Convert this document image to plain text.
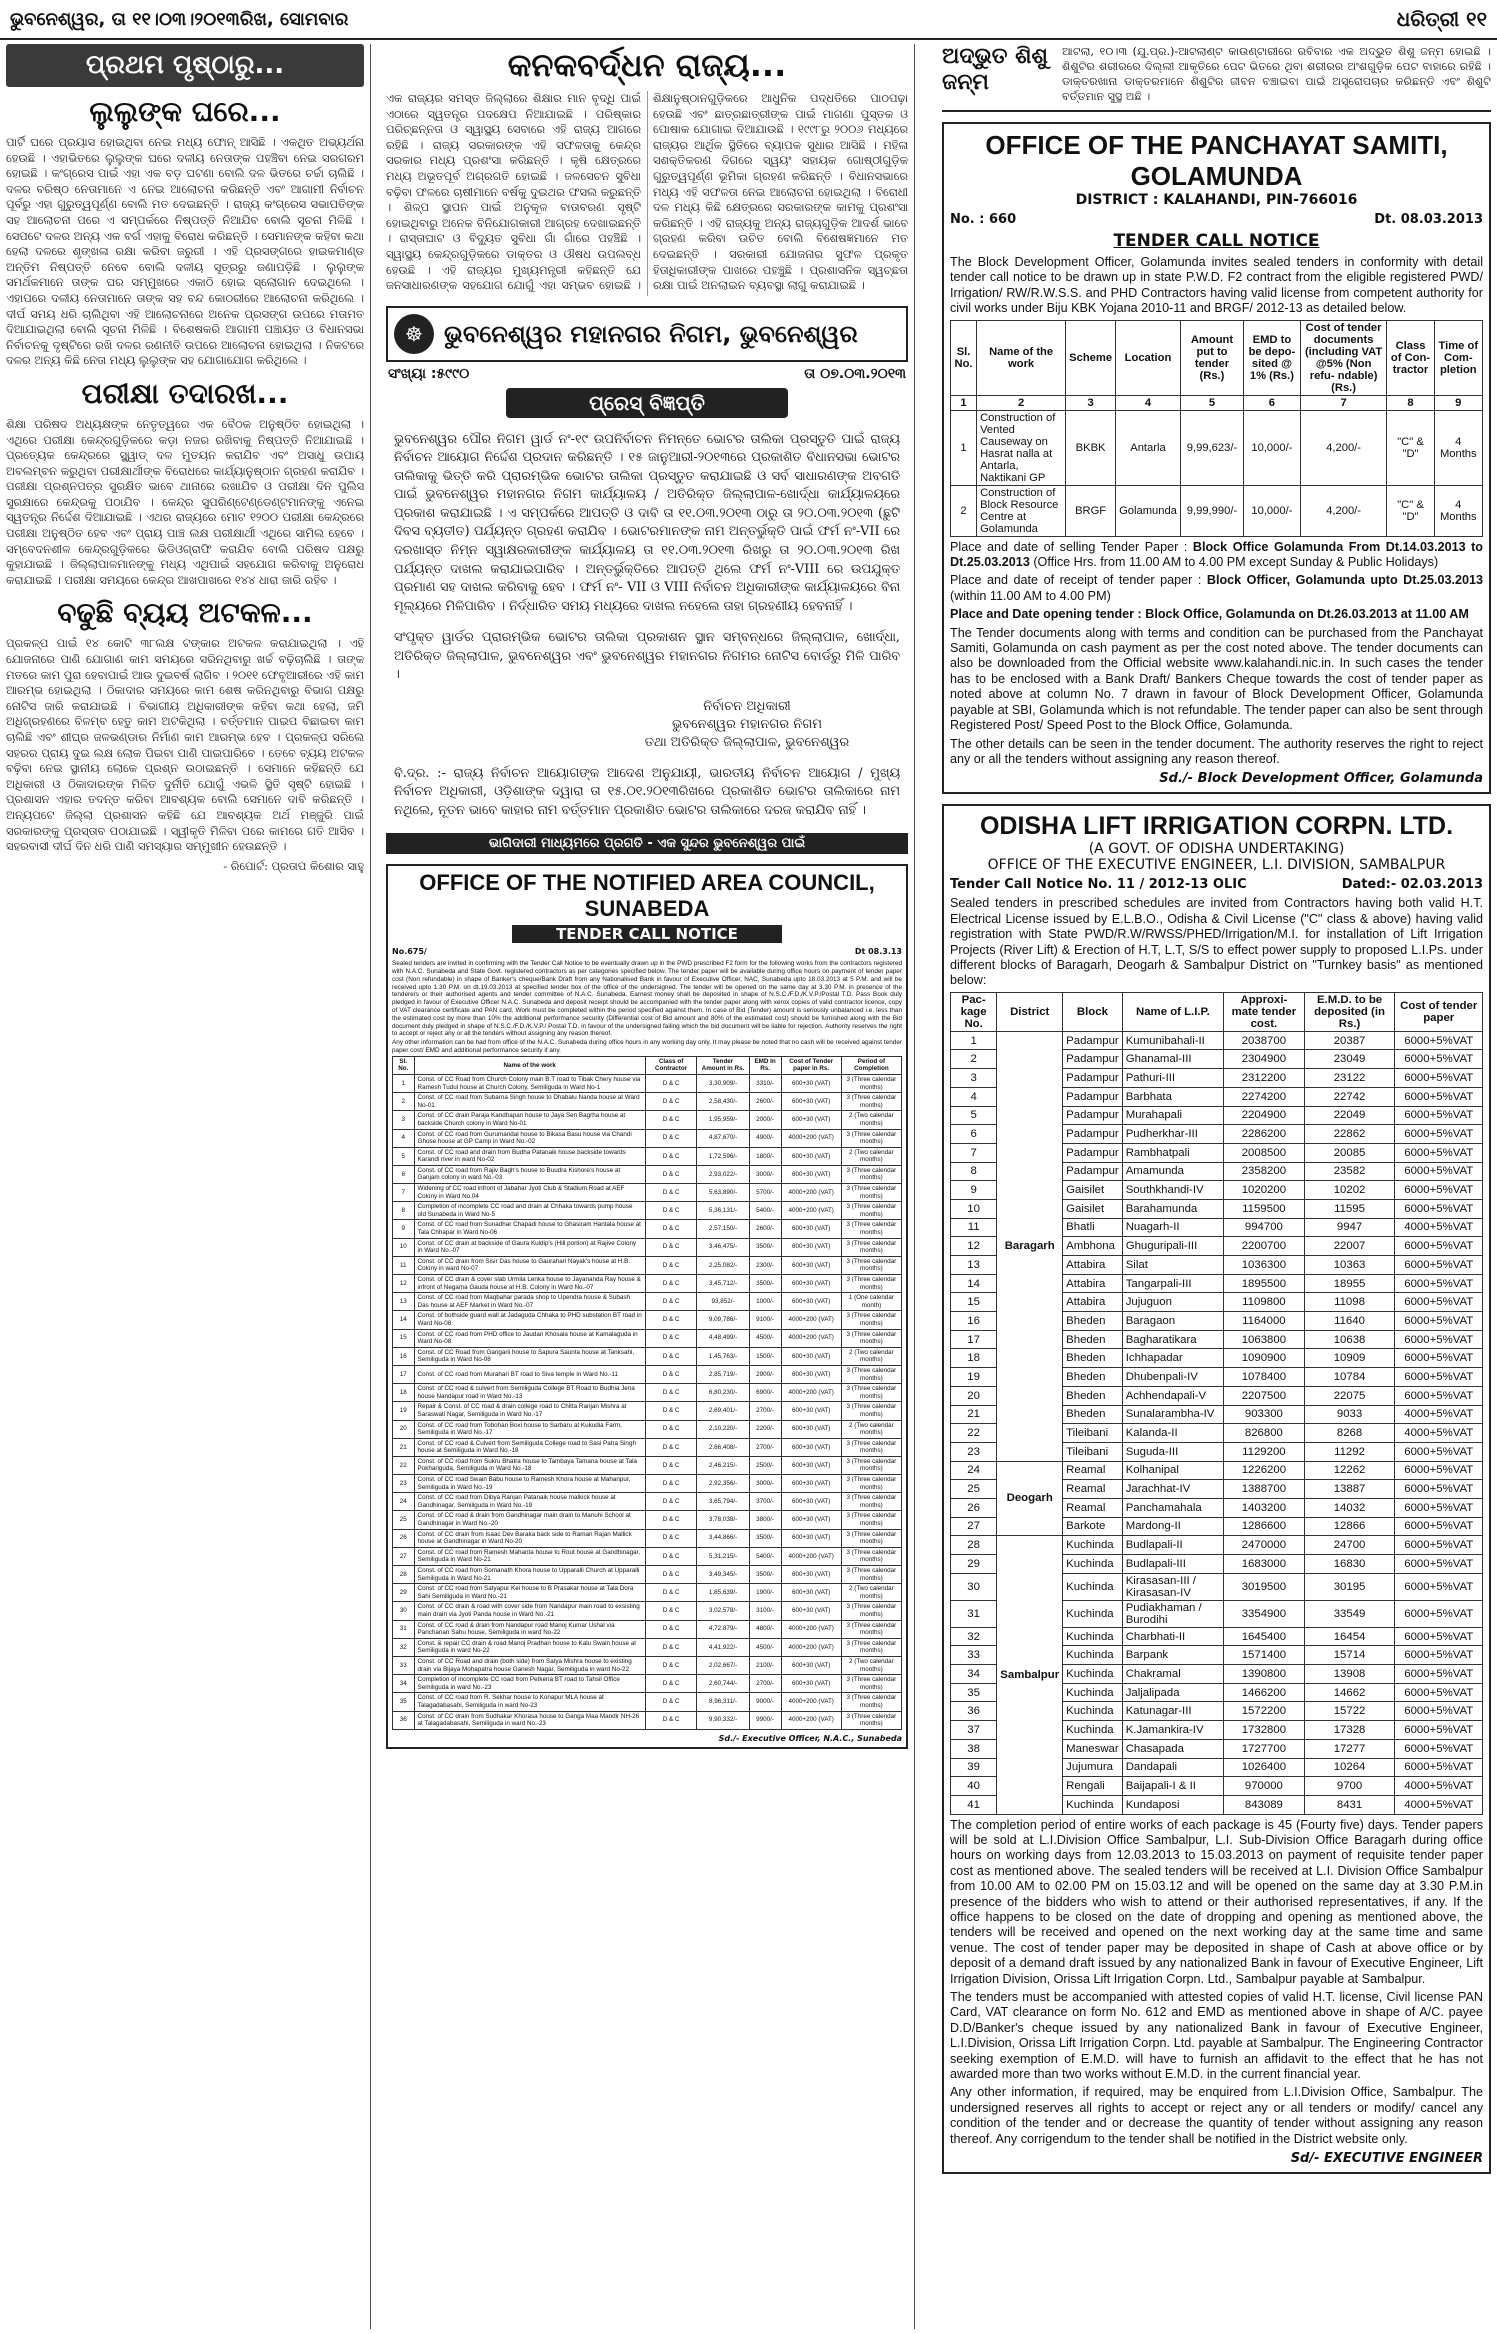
ଭୁବନେଶ୍ୱର, ତା ୧୧।୦୩।୨୦୧୩ରିଖ, ସୋମବାର	ଧରିତ୍ରୀ ୧୧
ପ୍ରଥମ ପୃଷ୍ଠାରୁ...
ଲୁଲୁଙ୍କ ଘରେ...

ପାର୍ଟି ଘରେ ପ୍ରୟାସ ହୋଇଥିବା ନେଇ ମଧ୍ୟ ଫୋନ୍ ଆସିଛି । ଏକଥିତ ଅଭ୍ୟର୍ଥନା ହେଉଛି । ଏହାଭିତରେ ଲୁଲୁଙ୍କ ଘରେ ଦଳୀୟ ନେତାଙ୍କ ପହଞ୍ଚିବା ନେଇ ସରଗରମ ହୋଇଛି । କଂଗ୍ରେସ ପାଇଁ ଏହା ଏକ ବଡ଼ ଘଟଣା ବୋଲି ଦଳ ଭିତରେ ଚର୍ଚ୍ଚା ଚାଲିଛି । ଦଳର ବରିଷ୍ଠ ନେତାମାନେ ଏ ନେଇ ଆଲୋଚନା କରିଛନ୍ତି ଏବଂ ଆଗାମୀ ନିର୍ବାଚନ ପୂର୍ବରୁ ଏହା ଗୁରୁତ୍ୱପୂର୍ଣ୍ଣ ବୋଲି ମତ ଦେଇଛନ୍ତି । ରାଜ୍ୟ କଂଗ୍ରେସ ସଭାପତିଙ୍କ ସହ ଆଲୋଚନା ପରେ ଏ ସମ୍ପର୍କରେ ନିଷ୍ପତ୍ତି ନିଆଯିବ ବୋଲି ସୂଚନା ମିଳିଛି । ସେପଟେ ଦଳର ଅନ୍ୟ ଏକ ବର୍ଗ ଏହାକୁ ବିରୋଧ କରିଛନ୍ତି । ସେମାନଙ୍କ କହିବା କଥା ହେଲା ଦଳରେ ଶୃଙ୍ଖଳା ରକ୍ଷା କରିବା ଜରୁରୀ । ଏହି ପ୍ରସଙ୍ଗରେ ହାଇକମାଣ୍ଡ ଅନ୍ତିମ ନିଷ୍ପତ୍ତି ନେବେ ବୋଲି ଦଳୀୟ ସୂତ୍ରରୁ ଜଣାପଡ଼ିଛି । ଲୁଲୁଙ୍କ ସମର୍ଥକମାନେ ତାଙ୍କ ଘର ସମ୍ମୁଖରେ ଏକାଠି ହୋଇ ସ୍ଲୋଗାନ ଦେଇଥିଲେ । ଏହାପରେ ଦଳୀୟ ନେତାମାନେ ତାଙ୍କ ସହ ବନ୍ଦ କୋଠରୀରେ ଆଲୋଚନା କରିଥିଲେ । ଦୀର୍ଘ ସମୟ ଧରି ଚାଲିଥିବା ଏହି ଆଲୋଚନାରେ ଅନେକ ପ୍ରସଙ୍ଗ ଉପରେ ମତାମତ ଦିଆଯାଇଥିଲା ବୋଲି ସୂଚନା ମିଳିଛି । ବିଶେଷକରି ଆଗାମୀ ପଞ୍ଚାୟତ ଓ ବିଧାନସଭା ନିର୍ବାଚନକୁ ଦୃଷ୍ଟିରେ ରଖି ଦଳର ରଣନୀତି ଉପରେ ଆଲୋଚନା ହୋଇଥିଲା । ନିକଟରେ ଦଳର ଅନ୍ୟ କିଛି ନେତା ମଧ୍ୟ ଲୁଲୁଙ୍କ ସହ ଯୋଗାଯୋଗ କରିଥିଲେ ।

ପରୀକ୍ଷା ତଦାରଖ...

ଶିକ୍ଷା ପରିଷଦ ଅଧ୍ୟକ୍ଷଙ୍କ ନେତୃତ୍ୱରେ ଏକ ବୈଠକ ଅନୁଷ୍ଠିତ ହୋଇଥିଲା । ଏଥିରେ ପରୀକ୍ଷା କେନ୍ଦ୍ରଗୁଡ଼ିକରେ କଡ଼ା ନଜର ରଖିବାକୁ ନିଷ୍ପତ୍ତି ନିଆଯାଇଛି । ପ୍ରତ୍ୟେକ କେନ୍ଦ୍ରରେ ସ୍କ୍ୱାଡ୍ ଦଳ ମୁତୟନ କରାଯିବ ଏବଂ ଅସାଧୁ ଉପାୟ ଅବଲମ୍ବନ କରୁଥିବା ପରୀକ୍ଷାର୍ଥୀଙ୍କ ବିରୋଧରେ କାର୍ଯ୍ୟାନୁଷ୍ଠାନ ଗ୍ରହଣ କରାଯିବ । ପରୀକ୍ଷା ପ୍ରଶ୍ନପତ୍ର ସୁରକ୍ଷିତ ଭାବେ ଥାନାରେ ରଖାଯିବ ଓ ପରୀକ୍ଷା ଦିନ ପୁଲିସ ସୁରକ୍ଷାରେ କେନ୍ଦ୍ରକୁ ପଠାଯିବ । କେନ୍ଦ୍ର ସୁପରିଣ୍ଟେଣ୍ଡେଣ୍ଟମାନଙ୍କୁ ଏନେଇ ସ୍ୱତନ୍ତ୍ର ନିର୍ଦ୍ଦେଶ ଦିଆଯାଇଛି । ଏଥର ରାଜ୍ୟରେ ମୋଟ ୧୨୦୦ ପରୀକ୍ଷା କେନ୍ଦ୍ରରେ ପରୀକ୍ଷା ଅନୁଷ୍ଠିତ ହେବ ଏବଂ ପ୍ରାୟ ପାଞ୍ଚ ଲକ୍ଷ ପରୀକ୍ଷାର୍ଥୀ ଏଥିରେ ସାମିଲ ହେବେ । ସମ୍ବେଦନଶୀଳ କେନ୍ଦ୍ରଗୁଡ଼ିକରେ ଭିଡିଓଗ୍ରାଫି କରାଯିବ ବୋଲି ପରିଷଦ ପକ୍ଷରୁ କୁହାଯାଇଛି । ଜିଲ୍ଲାପାଳମାନଙ୍କୁ ମଧ୍ୟ ଏଥିପାଇଁ ସହଯୋଗ କରିବାକୁ ଅନୁରୋଧ କରାଯାଇଛି । ପରୀକ୍ଷା ସମୟରେ କେନ୍ଦ୍ର ଆଖପାଖରେ ୧୪୪ ଧାରା ଜାରି ରହିବ ।

ବଢୁଛି ବ୍ୟୟ ଅଟକଳ...

ପ୍ରକଳ୍ପ ପାଇଁ ୧୪ କୋଟି ୩୮ଲକ୍ଷ ଟଙ୍କାର ଅଟକଳ କରାଯାଇଥିଲା । ଏହି ଯୋଜନାରେ ପାଣି ଯୋଗାଣ କାମ ସମୟରେ ସରିନଥିବାରୁ ଖର୍ଚ୍ଚ ବଢ଼ିଚାଲିଛି । ତାଙ୍କ ମତରେ କାମ ପୁରା ହେବାପାଇଁ ଆଉ ଦୁଇବର୍ଷ ଲାଗିବ । ୨୦୧୧ ଫେବୃଆରୀରେ ଏହି କାମ ଆରମ୍ଭ ହୋଇଥିଲା । ଠିକାଦାର ସମୟରେ କାମ ଶେଷ କରିନଥିବାରୁ ବିଭାଗ ପକ୍ଷରୁ ନୋଟିସ ଜାରି କରାଯାଇଛି । ବିଭାଗୀୟ ଅଧିକାରୀଙ୍କ କହିବା କଥା ହେଲା, ଜମି ଅଧିଗ୍ରହଣରେ ବିଳମ୍ବ ହେତୁ କାମ ଅଟକିଥିଲା । ବର୍ତ୍ତମାନ ପାଇପ ବିଛାଇବା କାମ ଚାଲିଛି ଏବଂ ଶୀଘ୍ର ଜଳଭଣ୍ଡାର ନିର୍ମାଣ କାମ ଆରମ୍ଭ ହେବ । ପ୍ରକଳ୍ପ ସରିଲେ ସହରର ପ୍ରାୟ ଦୁଇ ଲକ୍ଷ ଲୋକ ପିଇବା ପାଣି ପାଇପାରିବେ । ତେବେ ବ୍ୟୟ ଅଟକଳ ବଢ଼ିବା ନେଇ ସ୍ଥାନୀୟ ଲୋକେ ପ୍ରଶ୍ନ ଉଠାଇଛନ୍ତି । ସେମାନେ କହିଛନ୍ତି ଯେ ଅଧିକାରୀ ଓ ଠିକାଦାରଙ୍କ ମିଳିତ ଦୁର୍ନୀତି ଯୋଗୁଁ ଏଭଳି ସ୍ଥିତି ସୃଷ୍ଟି ହୋଇଛି । ପ୍ରଶାସନ ଏହାର ତଦନ୍ତ କରିବା ଆବଶ୍ୟକ ବୋଲି ସେମାନେ ଦାବି କରିଛନ୍ତି । ଅନ୍ୟପଟେ ଜିଲ୍ଲା ପ୍ରଶାସନ କହିଛି ଯେ ଆବଶ୍ୟକ ଅର୍ଥ ମଞ୍ଜୁରି ପାଇଁ ସରକାରଙ୍କୁ ପ୍ରସ୍ତାବ ପଠାଯାଇଛି । ସ୍ୱୀକୃତି ମିଳିବା ପରେ କାମରେ ଗତି ଆସିବ । ସହରବାସୀ ଦୀର୍ଘ ଦିନ ଧରି ପାଣି ସମସ୍ୟାର ସମ୍ମୁଖୀନ ହେଉଛନ୍ତି ।

- ରିପୋର୍ଟ: ପ୍ରତାପ କିଶୋର ସାହୁ

କନକବର୍ଦ୍ଧନ ରାଜ୍ୟ...

ଏକ ରାଜ୍ୟର ସମସ୍ତ ଜିଲ୍ଲାରେ ଶିକ୍ଷାର ମାନ ବୃଦ୍ଧି ପାଇଁ ଏଠାରେ ସ୍ୱତନ୍ତ୍ର ପଦକ୍ଷେପ ନିଆଯାଇଛି । ପରିଷ୍କାର ପରିଚ୍ଛନ୍ନତା ଓ ସ୍ୱାସ୍ଥ୍ୟ ସେବାରେ ଏହି ରାଜ୍ୟ ଆଗରେ ରହିଛି । ରାଜ୍ୟ ସରକାରଙ୍କ ଏହି ସଫଳତାକୁ କେନ୍ଦ୍ର ସରକାର ମଧ୍ୟ ପ୍ରଶଂସା କରିଛନ୍ତି । କୃଷି କ୍ଷେତ୍ରରେ ମଧ୍ୟ ଅଭୂତପୂର୍ବ ଅଗ୍ରଗତି ହୋଇଛି । ଜଳସେଚନ ସୁବିଧା ବଢ଼ିବା ଫଳରେ ଚାଷୀମାନେ ବର୍ଷକୁ ଦୁଇଥର ଫସଲ କରୁଛନ୍ତି । ଶିଳ୍ପ ସ୍ଥାପନ ପାଇଁ ଅନୁକୂଳ ବାତାବରଣ ସୃଷ୍ଟି ହୋଇଥିବାରୁ ଅନେକ ବିନିଯୋଗକାରୀ ଆଗ୍ରହ ଦେଖାଇଛନ୍ତି । ରାସ୍ତାଘାଟ ଓ ବିଦ୍ୟୁତ ସୁବିଧା ଗାଁ ଗାଁରେ ପହଞ୍ଚିଛି । ସ୍ୱାସ୍ଥ୍ୟ କେନ୍ଦ୍ରଗୁଡ଼ିକରେ ଡାକ୍ତର ଓ ଔଷଧ ଉପଲବ୍ଧ ହେଉଛି । ଏହି ରାଜ୍ୟର ମୁଖ୍ୟମନ୍ତ୍ରୀ କହିଛନ୍ତି ଯେ ଜନସାଧାରଣଙ୍କ ସହଯୋଗ ଯୋଗୁଁ ଏହା ସମ୍ଭବ ହୋଇଛି । ଶିକ୍ଷାନୁଷ୍ଠାନଗୁଡ଼ିକରେ ଆଧୁନିକ ପଦ୍ଧତିରେ ପାଠପଢ଼ା ହେଉଛି ଏବଂ ଛାତ୍ରଛାତ୍ରୀଙ୍କ ପାଇଁ ମାଗଣା ପୁସ୍ତକ ଓ ପୋଷାକ ଯୋଗାଇ ଦିଆଯାଉଛି । ୧୯୯୮ରୁ ୨୦୦୬ ମଧ୍ୟରେ ରାଜ୍ୟର ଆର୍ଥିକ ସ୍ଥିତିରେ ବ୍ୟାପକ ସୁଧାର ଆସିଛି । ମହିଳା ସଶକ୍ତିକରଣ ଦିଗରେ ସ୍ୱୟଂ ସହାୟକ ଗୋଷ୍ଠୀଗୁଡ଼ିକ ଗୁରୁତ୍ୱପୂର୍ଣ୍ଣ ଭୂମିକା ଗ୍ରହଣ କରିଛନ୍ତି । ବିଧାନସଭାରେ ମଧ୍ୟ ଏହି ସଫଳତା ନେଇ ଆଲୋଚନା ହୋଇଥିଲା । ବିରୋଧୀ ଦଳ ମଧ୍ୟ କିଛି କ୍ଷେତ୍ରରେ ସରକାରଙ୍କ କାମକୁ ପ୍ରଶଂସା କରିଛନ୍ତି । ଏହି ରାଜ୍ୟକୁ ଅନ୍ୟ ରାଜ୍ୟଗୁଡ଼ିକ ଆଦର୍ଶ ଭାବେ ଗ୍ରହଣ କରିବା ଉଚିତ ବୋଲି ବିଶେଷଜ୍ଞମାନେ ମତ ଦେଇଛନ୍ତି । ସରକାରୀ ଯୋଜନାର ସୁଫଳ ପ୍ରକୃତ ହିତାଧିକାରୀଙ୍କ ପାଖରେ ପହଞ୍ଚୁଛି । ପ୍ରଶାସନିକ ସ୍ୱଚ୍ଛତା ରକ୍ଷା ପାଇଁ ଅନଲାଇନ ବ୍ୟବସ୍ଥା ଲାଗୁ କରାଯାଇଛି ।

☸ ଭୁବନେଶ୍ୱର ମହାନଗର ନିଗମ, ଭୁବନେଶ୍ୱର
ସଂଖ୍ୟା :୫୯୯୦	ତା ୦୭.୦୩.୨୦୧୩
ପ୍ରେସ୍ ବିଜ୍ଞପ୍ତି

ଭୁବନେଶ୍ୱର ପୌର ନିଗମ ୱାର୍ଡ ନଂ-୧୯ ଉପନିର୍ବାଚନ ନିମନ୍ତେ ଭୋଟର ତାଲିକା ପ୍ରସ୍ତୁତି ପାଇଁ ରାଜ୍ୟ ନିର୍ବାଚନ ଆୟୋଗ ନିର୍ଦ୍ଦେଶ ପ୍ରଦାନ କରିଛନ୍ତି । ୧୫ ଜାନୁଆରୀ-୨୦୧୩ରେ ପ୍ରକାଶିତ ବିଧାନସଭା ଭୋଟର ତାଲିକାକୁ ଭିତ୍ତି କରି ପ୍ରାରମ୍ଭିକ ଭୋଟର ତାଲିକା ପ୍ରସ୍ତୁତ କରାଯାଇଛି ଓ ସର୍ବ ସାଧାରଣଙ୍କ ଅବଗତି ପାଇଁ ଭୁବନେଶ୍ୱର ମହାନଗର ନିଗମ କାର୍ଯ୍ୟାଳୟ / ଅତିରିକ୍ତ ଜିଲ୍ଲାପାଳ-ଖୋର୍ଦ୍ଧା କାର୍ଯ୍ୟାଳୟରେ ପ୍ରକାଶ କରାଯାଇଛି । ଏ ସମ୍ପର୍କରେ ଆପତ୍ତି ଓ ଦାବି ତା ୧୧.୦୩.୨୦୧୩ ଠାରୁ ତା ୨୦.୦୩.୨୦୧୩ (ଛୁଟି ଦିବସ ବ୍ୟତୀତ) ପର୍ଯ୍ୟନ୍ତ ଗ୍ରହଣ କରାଯିବ । ଭୋଟରମାନଙ୍କ ନାମ ଅନ୍ତର୍ଭୁକ୍ତି ପାଇଁ ଫର୍ମ ନଂ-VII ରେ ଦରଖାସ୍ତ ନିମ୍ନ ସ୍ୱାକ୍ଷରକାରୀଙ୍କ କାର୍ଯ୍ୟାଳୟ ତା ୧୧.୦୩.୨୦୧୩ ରିଖରୁ ତା ୨୦.୦୩.୨୦୧୩ ରିଖ ପର୍ଯ୍ୟନ୍ତ ଦାଖଲ କରାଯାଇପାରିବ । ଅନ୍ତର୍ଭୁକ୍ତିରେ ଆପତ୍ତି ଥିଲେ ଫର୍ମ ନଂ-VIII ରେ ଉପଯୁକ୍ତ ପ୍ରମାଣ ସହ ଦାଖଲ କରିବାକୁ ହେବ । ଫର୍ମ ନଂ- VII ଓ VIII ନିର୍ବାଚନ ଅଧିକାରୀଙ୍କ କାର୍ଯ୍ୟାଳୟରେ ବିନା ମୂଲ୍ୟରେ ମିଳିପାରିବ । ନିର୍ଦ୍ଧାରିତ ସମୟ ମଧ୍ୟରେ ଦାଖଲ ନହେଲେ ତାହା ଗ୍ରହଣୀୟ ହେବନାହିଁ ।

ସଂପୃକ୍ତ ୱାର୍ଡର ପ୍ରାରମ୍ଭିକ ଭୋଟର ତାଲିକା ପ୍ରକାଶନ ସ୍ଥାନ ସମ୍ବନ୍ଧରେ ଜିଲ୍ଲାପାଳ, ଖୋର୍ଦ୍ଧା, ଅତିରିକ୍ତ ଜିଲ୍ଲାପାଳ, ଭୁବନେଶ୍ୱର ଏବଂ ଭୁବନେଶ୍ୱର ମହାନଗର ନିଗମର ନୋଟିସ ବୋର୍ଡରୁ ମିଳି ପାରିବ ।

ନିର୍ବାଚନ ଅଧିକାରୀ
ଭୁବନେଶ୍ୱର ମହାନଗର ନିଗମ
ତଥା ଅତିରିକ୍ତ ଜିଲ୍ଲାପାଳ, ଭୁବନେଶ୍ୱର

ବି.ଦ୍ର. :- ରାଜ୍ୟ ନିର୍ବାଚନ ଆୟୋଗଙ୍କ ଆଦେଶ ଅନୁଯାୟୀ, ଭାରତୀୟ ନିର୍ବାଚନ ଆୟୋଗ / ମୁଖ୍ୟ ନିର୍ବାଚନ ଅଧିକାରୀ, ଓଡ଼ିଶାଙ୍କ ଦ୍ୱାରା ତା ୧୫.୦୧.୨୦୧୩ରିଖରେ ପ୍ରକାଶିତ ଭୋଟର ତାଲିକାରେ ନାମ ନଥିଲେ, ନୂତନ ଭାବେ କାହାର ନାମ ବର୍ତ୍ତମାନ ପ୍ରକାଶିତ ଭୋଟର ତାଲିକାରେ ଦରଜ କରାଯିବ ନାହିଁ ।

ଭାଗିଦାରୀ ମାଧ୍ୟମରେ ପ୍ରଗତି - ଏକ ସୁନ୍ଦର ଭୁବନେଶ୍ୱର ପାଇଁ
OFFICE OF THE NOTIFIED AREA COUNCIL, SUNABEDA
TENDER CALL NOTICE
No.675/	Dt 08.3.13

Sealed tenders are invited in confirming with the Tender Call Notice to be eventually drawn up in the PWD prescribed F2 form for the following works from the contractors registered with N.A.C. Sunabeda and State Govt. registered contractors as per categories specified below. The tender paper will be available during office hours on payment of tender paper cost (Non refundable) in shape of Banker's cheque/Bank Draft from any Nationalised Bank in favour of Executive Officer, NAC, Sunabeda upto 18.03.2013 at 5 P.M. and will be received upto 1.30 P.M. on dt.19.03.2013 at specified tender box of the office of the undersigned. The tender will be opened on the same day at 3.30 P.M. in presence of the tenderers or their authorised agents and tender committee of N.A.C. Sunabeda. Earnest money shall be deposited in shape of N.S.C./F.D./K.V.P./Postal T.D. Pass Book duly pledged in favour of Executive Officer N.A.C. Sunabeda and deposit receipt should be accompanied with the tender paper along with xerox copies of valid contractor licence, copy of VAT clearance certificate and PAN card. Work must be completed within the period specified against them. In case of Bid (Tender) amount is seriously unbalanced i.e. less than the estimated cost by more than 10% the additional performance security (Differential cost of Bid amount and 80% of the estimated cost) should be furnished along with the Bid document duly pledged in shape of N.S.C./F.D./K.V.P./ Postal T.D. in favour of the undersigned failing which the bid document will be liable for rejection. Authority reserves the right to accept or reject any or all the tenders without assigning any reason thereof.

Any other information can be had from office of the N.A.C. Sunabeda during office hours in any working day only. It may please be noted that no cash will be received against tender paper cost/ EMD and additional performance security if any.

Sl. No.	Name of the work	Class of Contractor	Tender Amount in Rs.	EMD In Rs.	Cost of Tender paper in Rs.	Period of Completion
1	Const. of CC Road from Church Colony main B.T road to Tibak Chery house via Ramesh Tudul house at Church Colony, Semiliguda in Ward No-1	D & C	3,30,909/-	3310/-	600+30 (VAT)	3 (Three calendar months)
2	Const. of CC road from Subarna Singh house to Dhabalu Nanda house at Ward No-01	D & C	2,58,430/-	2600/-	600+30 (VAT)	3 (Three calendar months)
3	Const. of CC drain Paraja Kandhapan house to Jaya Sen Bagrha house at backside Church colony in Ward No-01	D & C	1,95,959/-	2000/-	600+30 (VAT)	2 (Two calendar months)
4	Const. of CC road from Gurumandal house to Bikasa Basu house via Chandi Ghose house at GP Camp in Ward No.-02	D & C	4,87,670/-	4900/-	4000+200 (VAT)	3 (Three calendar months)
5	Const. of CC road and drain from Budha Patanaik house backside towards Karandi river in ward No-02	D & C	1,72,596/-	1800/-	600+30 (VAT)	2 (Two calendar months)
6	Const. of CC road from Rajiv Bagh's house to Buudra Kishore's house at Ganjam colony in ward No.-03	D & C	2,93,022/-	3000/-	600+30 (VAT)	3 (Three calendar months)
7	Widening of CC road infront of Jabahar Jyoti Club & Stadium Road at AEF Colony in Ward No.04	D & C	5,63,890/-	5700/-	4000+200 (VAT)	3 (Three calendar months)
8	Completion of incomplete CC road and drain at Chhaka towards pump house old Sunabeda in Ward No-5	D & C	5,36,131/-	5400/-	4000+200 (VAT)	3 (Three calendar months)
9	Const. of CC road from Sunadhar Chapadi house to Ghasiram Hantala house at Tala Chhapar in Ward No-06	D & C	2,57,150/-	2600/-	600+30 (VAT)	3 (Three calendar months)
10	Const. of CC drain at backside of Gaura Kuldip's (Hill portion) at Rajive Colony in Ward No.-07	D & C	3,46,475/-	3500/-	600+30 (VAT)	3 (Three calendar months)
11	Const. of CC drain from Sisir Das house to Gaurahari Nayak's house at H.B. Colony in ward No-07	D & C	2,25,082/-	2300/-	600+30 (VAT)	3 (Three calendar months)
12	Const. of CC drain & cover slab Urmila Lenka house to Jayananda Ray house & infront of Negama Gauda house at H.B. Colony in Ward No.-07	D & C	3,45,712/-	3500/-	600+30 (VAT)	3 (Three calendar months)
13	Const. of CC road from Maqbahar parada shop to Upendra house & Subash Das house at AEF Market in Ward No.-07	D & C	93,852/-	1000/-	600+30 (VAT)	1 (One calendar month)
14	Const. of bothside guard wall at Jadaguda Chhaka to PHD substation BT road in Ward No-08	D & C	9,09,786/-	9100/-	4000+200 (VAT)	3 (Three calendar months)
15	Const. of CC road from PHD office to Jaudan Khosala house at Kamalaguda in Ward No-08	D & C	4,48,499/-	4500/-	4000+200 (VAT)	3 (Three calendar months)
16	Const. of CC Road from Gangarii house to Sapura Saunta house at Tanksahi, Semiliguda in Ward No-08	D & C	1,45,763/-	1500/-	600+30 (VAT)	2 (Two calendar months)
17	Const. of CC road from Murahari BT road to Siva temple in Ward No.-11	D & C	2,85,719/-	2900/-	600+30 (VAT)	3 (Three calendar months)
18	Const. of CC road & culvert from Semiliguda College BT Road to Budhia Jena house Nandapur road in Ward No.-13	D & C	6,80,230/-	6900/-	4000+200 (VAT)	3 (Three calendar months)
19	Repair & Const. of CC road & drain college road to Chitta Ranjan Mishra at Saraswati Nagar, Semiliguda in Ward No.-17	D & C	2,69,401/-	2700/-	600+30 (VAT)	3 (Three calendar months)
20	Const. of CC road from Tobohan Boxi house to Sarbaru at Kukudia Farm, Semiliguda in Ward No.-17	D & C	2,10,220/-	2200/-	600+30 (VAT)	2 (Two calendar months)
21	Const. of CC road & Culvert from Semiliguda College road to Sasi Patra Singh house at Semiliguda in Ward No.-18	D & C	2,66,408/-	2700/-	600+30 (VAT)	3 (Three calendar months)
22	Const. of CC road from Sukru Bhatra house to Tambaya Tamana house at Tala Pokhariguda, Semiliguda in Ward No.-18	D & C	2,46,215/-	2500/-	600+30 (VAT)	3 (Three calendar months)
23	Const. of CC road Swain Babu house to Ramesh Khora house at Mahanpur, Semiliguda in Ward No.-19	D & C	2,92,356/-	3000/-	600+30 (VAT)	3 (Three calendar months)
24	Const. of CC road from Dibya Ranjan Patanaik house malkick house at Gandhinagar, Semiliguda in Ward No.-19	D & C	3,65,794/-	3700/-	600+30 (VAT)	3 (Three calendar months)
25	Const. of CC road & drain from Gandhinagar main drain to Manuhi School at Gandhinagar in Ward No.-20	D & C	3,78,038/-	3800/-	600+30 (VAT)	3 (Three calendar months)
26	Const. of CC drain from Isaac Dev Baraka back side to Raman Rajan Mallick house at Gandhinagar in Ward No-20	D & C	3,44,866/-	3500/-	600+30 (VAT)	3 (Three calendar months)
27	Const. of CC road from Ramesh Mahanta house to Rout house at Gandhinagar, Semiliguda in Ward No-21	D & C	5,31,215/-	5400/-	4000+200 (VAT)	3 (Three calendar months)
28	Const. of CC road from Somanath Khora house to Upparalli Church at Upparalli Semiliguda in Ward No-21	D & C	3,49,345/-	3500/-	600+30 (VAT)	3 (Three calendar months)
29	Const. of CC road from Satyapur Kei house to B Prasakar house at Tala Dora Sahi Semiliguda in Ward No.-21	D & C	1,85,639/-	1900/-	600+30 (VAT)	2 (Two calendar months)
30	Const. of CC drain & road with cover side from Nandapur main road to exsisting main drain via Jyoti Panda house in Ward No.-21	D & C	3,02,578/-	3100/-	600+30 (VAT)	3 (Three calendar months)
31	Const. of CC road & drain from Nandapur road Manoj Kumar Ushal via Panchanan Sahu house, Semiliguda in ward No-22	D & C	4,72,879/-	4800/-	4000+200 (VAT)	3 (Three calendar months)
32	Const. & repair CC drain & road Manoj Pradhan house to Kalu Swain house at Semiliguda in ward No-22	D & C	4,41,922/-	4500/-	4000+200 (VAT)	3 (Three calendar months)
33	Const. of CC Road and drain (both side) from Satya Mishra house to existing drain via Bijaya Mohapatra house Ganesh Nagar, Semiliguda in ward No-22	D & C	2,02,667/-	2100/-	600+30 (VAT)	2 (Two calendar months)
34	Completion of incomplete CC road from Petkena BT road to Tahsil Office Semiliguda in ward No.-23	D & C	2,60,744/-	2700/-	600+30 (VAT)	3 (Three calendar months)
35	Const. of CC road from R. Sekhar house to Konapur MLA house at Talagadabasahi, Semiliguda in ward No-23	D & C	8,96,311/-	9000/-	4000+200 (VAT)	3 (Three calendar months)
36	Const. of CC drain from Sudhakar Khorasa house to Ganga Maa Mandir NH-26 at Talagadabasahi, Semiliguda in ward No.-23	D & C	9,90,332/-	9900/-	4000+200 (VAT)	3 (Three calendar months)
Sd./- Executive Officer, N.A.C., Sunabeda
ଅଦ୍ଭୁତ ଶିଶୁ ଜନ୍ମ
ଆଟଲା, ୧୦।୩ (ଯୁ.ପ୍ର.)-ଆଟଲାଣ୍ଟ କାଉଣ୍ଟାରୀରେ ରବିବାର ଏକ ଅଦ୍ଭୁତ ଶିଶୁ ଜନ୍ମ ହୋଇଛି । ଶିଶୁଟିର ଶରୀରରେ ଦିଲ୍ଲୀ ଆକୃତିରେ ପେଟ ଭିତରେ ଥିବା ଶରୀରର ଅଂଶଗୁଡ଼ିକ ପେଟ ବାହାରେ ରହିଛି । ଡାକ୍ତରଖାନା ଡାକ୍ତରମାନେ ଶିଶୁଟିର ଜୀବନ ବଞ୍ଚାଇବା ପାଇଁ ଅସ୍ତ୍ରୋପଚାର କରିଛନ୍ତି ଏବଂ ଶିଶୁଟି ବର୍ତ୍ତମାନ ସୁସ୍ଥ ଅଛି ।
OFFICE OF THE PANCHAYAT SAMITI, GOLAMUNDA
DISTRICT : KALAHANDI, PIN-766016
No. : 660	Dt. 08.03.2013
TENDER CALL NOTICE

The Block Development Officer, Golamunda invites sealed tenders in conformity with detail tender call notice to be drawn up in state P.W.D. F2 contract from the eligible registered PWD/ Irrigation/ RW/R.W.S.S. and PHD Contractors having valid license from competent authority for civil works under Biju KBK Yojana 2010-11 and BRGF/ 2012-13 as detailed below.

Sl. No.	Name of the work	Scheme	Location	Amount put to tender (Rs.)	EMD to be depo- sited @ 1% (Rs.)	Cost of tender documents (including VAT @5% (Non refu- ndable) (Rs.)	Class of Con- tractor	Time of Com- pletion
1	2	3	4	5	6	7	8	9
1	Construction of Vented Causeway on Hasrat nalla at Antarla, Naktikani GP	BKBK	Antarla	9,99,623/-	10,000/-	4,200/-	"C" & "D"	4 Months
2	Construction of Block Resource Centre at Golamunda	BRGF	Golamunda	9,99,990/-	10,000/-	4,200/-	"C" & "D"	4 Months

Place and date of selling Tender Paper : Block Office Golamunda From Dt.14.03.2013 to Dt.25.03.2013 (Office Hrs. from 11.00 AM to 4.00 PM except Sunday & Public Holidays)

Place and date of receipt of tender paper : Block Officer, Golamunda upto Dt.25.03.2013 (within 11.00 AM to 4.00 PM)

Place and Date opening tender : Block Office, Golamunda on Dt.26.03.2013 at 11.00 AM

The Tender documents along with terms and condition can be purchased from the Panchayat Samiti, Golamunda on cash payment as per the cost noted above. The tender documents can also be downloaded from the Official website www.kalahandi.nic.in. In such cases the tender has to be enclosed with a Bank Draft/ Bankers Cheque towards the cost of tender paper as noted above at column No. 7 drawn in favour of Block Development Officer, Golamunda payable at SBI, Golamunda which is not refundable. The tender paper can also be sent through Registered Post/ Speed Post to the Block Office, Golamunda.

The other details can be seen in the tender document. The authority reserves the right to reject any or all the tenders without assigning any reason thereof.

Sd./- Block Development Officer, Golamunda
ODISHA LIFT IRRIGATION CORPN. LTD.
(A GOVT. OF ODISHA UNDERTAKING)
OFFICE OF THE EXECUTIVE ENGINEER, L.I. DIVISION, SAMBALPUR
Tender Call Notice No. 11 / 2012-13 OLIC	Dated:- 02.03.2013

Sealed tenders in prescribed schedules are invited from Contractors having both valid H.T. Electrical License issued by E.L.B.O., Odisha & Civil License ("C" class & above) having valid registration with State PWD/R.W/RWSS/PHED/Irrigation/M.I. for installation of Lift Irrigation Projects (River Lift) & Erection of H.T, L.T, S/S to effect power supply to proposed L.I.Ps. under different blocks of Baragarh, Deogarh & Sambalpur District on "Turnkey basis" as mentioned below:

Pac- kage No.	District	Block	Name of L.I.P.	Approxi- mate tender cost.	E.M.D. to be deposited (in Rs.)	Cost of tender paper
1	Baragarh	Padampur	Kumunibahali-II	2038700	20387	6000+5%VAT
2		Padampur	Ghanamal-III	2304900	23049	6000+5%VAT
3		Padampur	Pathuri-III	2312200	23122	6000+5%VAT
4		Padampur	Barbhata	2274200	22742	6000+5%VAT
5		Padampur	Murahapali	2204900	22049	6000+5%VAT
6		Padampur	Pudherkhar-III	2286200	22862	6000+5%VAT
7		Padampur	Rambhatpali	2008500	20085	6000+5%VAT
8		Padampur	Amamunda	2358200	23582	6000+5%VAT
9		Gaisilet	Southkhandi-IV	1020200	10202	6000+5%VAT
10		Gaisilet	Barahamunda	1159500	11595	6000+5%VAT
11		Bhatli	Nuagarh-II	994700	9947	4000+5%VAT
12		Ambhona	Ghuguripali-III	2200700	22007	6000+5%VAT
13		Attabira	Silat	1036300	10363	6000+5%VAT
14		Attabira	Tangarpali-III	1895500	18955	6000+5%VAT
15		Attabira	Jujuguon	1109800	11098	6000+5%VAT
16		Bheden	Baragaon	1164000	11640	6000+5%VAT
17		Bheden	Bagharatikara	1063800	10638	6000+5%VAT
18		Bheden	Ichhapadar	1090900	10909	6000+5%VAT
19		Bheden	Dhubenpali-IV	1078400	10784	6000+5%VAT
20		Bheden	Achhendapali-V	2207500	22075	6000+5%VAT
21		Bheden	Sunalarambha-IV	903300	9033	4000+5%VAT
22		Tileibani	Kalanda-II	826800	8268	4000+5%VAT
23		Tileibani	Suguda-III	1129200	11292	6000+5%VAT
24	Deogarh	Reamal	Kolhanipal	1226200	12262	6000+5%VAT
25		Reamal	Jarachhat-IV	1388700	13887	6000+5%VAT
26		Reamal	Panchamahala	1403200	14032	6000+5%VAT
27		Barkote	Mardong-II	1286600	12866	6000+5%VAT
28	Sambalpur	Kuchinda	Budlapali-II	2470000	24700	6000+5%VAT
29		Kuchinda	Budlapali-III	1683000	16830	6000+5%VAT
30		Kuchinda	Kirasasan-III / Kirasasan-IV	3019500	30195	6000+5%VAT
31		Kuchinda	Pudiakhaman / Burodihi	3354900	33549	6000+5%VAT
32		Kuchinda	Charbhati-II	1645400	16454	6000+5%VAT
33		Kuchinda	Barpank	1571400	15714	6000+5%VAT
34		Kuchinda	Chakramal	1390800	13908	6000+5%VAT
35		Kuchinda	Jaljalipada	1466200	14662	6000+5%VAT
36		Kuchinda	Katunagar-III	1572200	15722	6000+5%VAT
37		Kuchinda	K.Jamankira-IV	1732800	17328	6000+5%VAT
38		Maneswar	Chasapada	1727700	17277	6000+5%VAT
39		Jujumura	Dandapali	1026400	10264	6000+5%VAT
40		Rengali	Baijapali-I & II	970000	9700	4000+5%VAT
41		Kuchinda	Kundaposi	843089	8431	4000+5%VAT

The completion period of entire works of each package is 45 (Fourty five) days. Tender papers will be sold at L.I.Division Office Sambalpur, L.I. Sub-Division Office Baragarh during office hours on working days from 12.03.2013 to 15.03.2013 on payment of requisite tender paper cost as mentioned above. The sealed tenders will be received at L.I. Division Office Sambalpur from 10.00 AM to 02.00 PM on 15.03.12 and will be opened on the same day at 3.30 P.M.in presence of the bidders who wish to attend or their authorised representatives, if any. If the office happens to be closed on the date of dropping and opening as mentioned above, the tenders will be received and opened on the next working day at the same time and same venue. The cost of tender paper may be deposited in shape of Cash at above office or by deposit of a demand draft issued by any nationalized Bank in favour of Executive Engineer, Lift Irrigation Division, Orissa Lift Irrigation Corpn. Ltd., Sambalpur payable at Sambalpur.

The tenders must be accompanied with attested copies of valid H.T. license, Civil license PAN Card, VAT clearance on form No. 612 and EMD as mentioned above in shape of A/C. payee D.D/Banker's cheque issued by any nationalized Bank in favour of Executive Engineer, L.I.Division, Orissa Lift Irrigation Corpn. Ltd. payable at Sambalpur. The Engineering Contractor seeking exemption of E.M.D. will have to furnish an affidavit to the effect that he has not awarded more than two works without E.M.D. in the current financial year.

Any other information, if required, may be enquired from L.I.Division Office, Sambalpur. The undersigned reserves all rights to accept or reject any or all tenders or modify/ cancel any condition of the tender and or decrease the quantity of tender without assigning any reason thereof. Any corrigendum to the tender shall be notified in the District website only.

Sd/- EXECUTIVE ENGINEER
